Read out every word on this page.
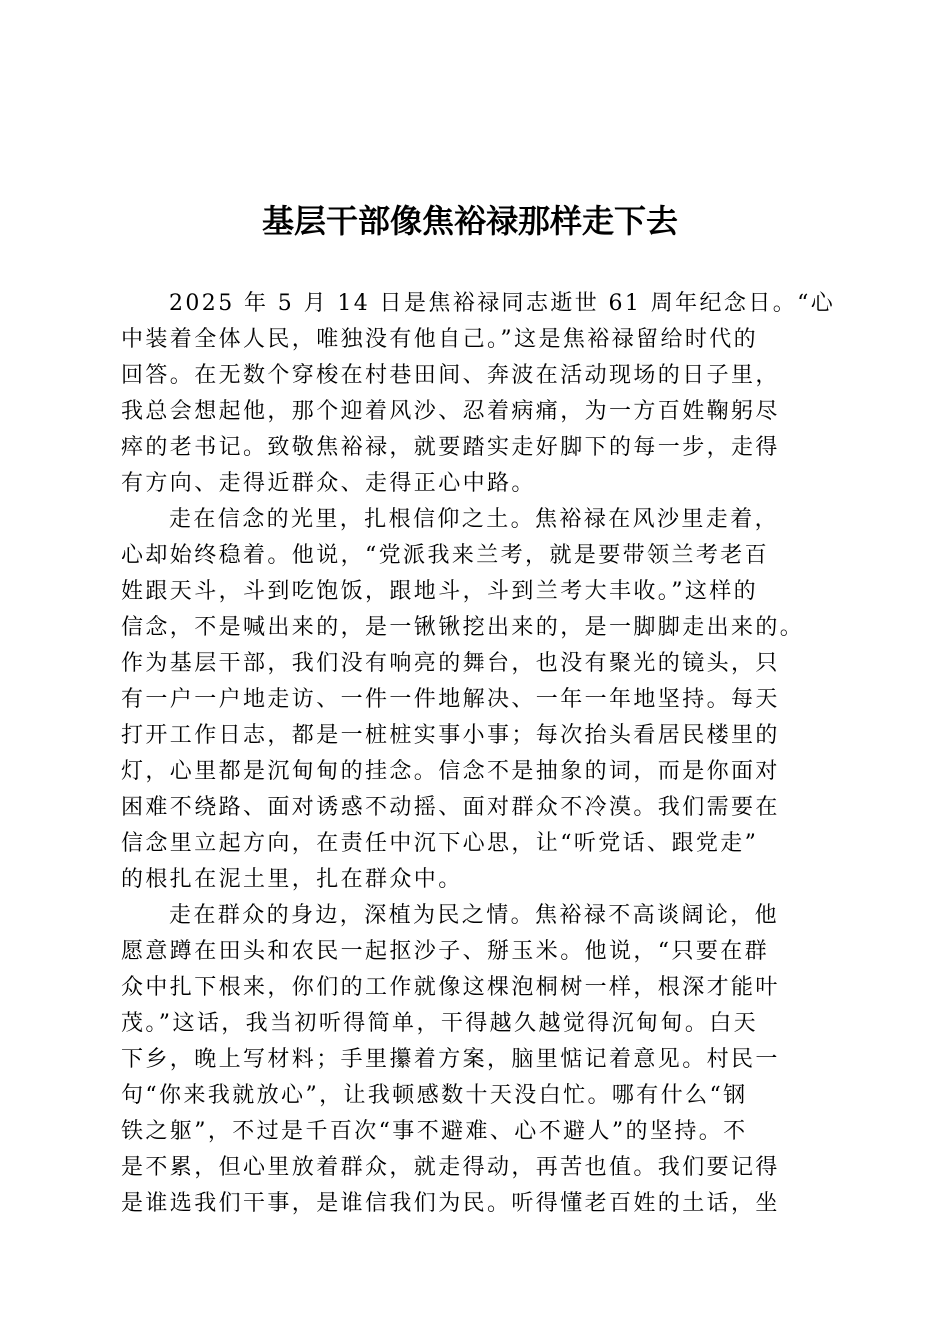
基层干部像焦裕禄那样走下去

2025 年 5 月 14 日是焦裕禄同志逝世 61 周年纪念日。“心
中装着全体人民，唯独没有他自己。”这是焦裕禄留给时代的
回答。在无数个穿梭在村巷田间、奔波在活动现场的日子里，
我总会想起他，那个迎着风沙、忍着病痛，为一方百姓鞠躬尽
瘁的老书记。致敬焦裕禄，就要踏实走好脚下的每一步，走得
有方向、走得近群众、走得正心中路。

走在信念的光里，扎根信仰之土。焦裕禄在风沙里走着，
心却始终稳着。他说，“党派我来兰考，就是要带领兰考老百
姓跟天斗，斗到吃饱饭，跟地斗，斗到兰考大丰收。”这样的
信念，不是喊出来的，是一锹锹挖出来的，是一脚脚走出来的。
作为基层干部，我们没有响亮的舞台，也没有聚光的镜头，只
有一户一户地走访、一件一件地解决、一年一年地坚持。每天
打开工作日志，都是一桩桩实事小事；每次抬头看居民楼里的
灯，心里都是沉甸甸的挂念。信念不是抽象的词，而是你面对
困难不绕路、面对诱惑不动摇、面对群众不冷漠。我们需要在
信念里立起方向，在责任中沉下心思，让“听党话、跟党走”
的根扎在泥土里，扎在群众中。

走在群众的身边，深植为民之情。焦裕禄不高谈阔论，他
愿意蹲在田头和农民一起抠沙子、掰玉米。他说，“只要在群
众中扎下根来，你们的工作就像这棵泡桐树一样，根深才能叶
茂。”这话，我当初听得简单，干得越久越觉得沉甸甸。白天
下乡，晚上写材料；手里攥着方案，脑里惦记着意见。村民一
句“你来我就放心”，让我顿感数十天没白忙。哪有什么“钢
铁之躯”，不过是千百次“事不避难、心不避人”的坚持。不
是不累，但心里放着群众，就走得动，再苦也值。我们要记得
是谁选我们干事，是谁信我们为民。听得懂老百姓的土话，坐
